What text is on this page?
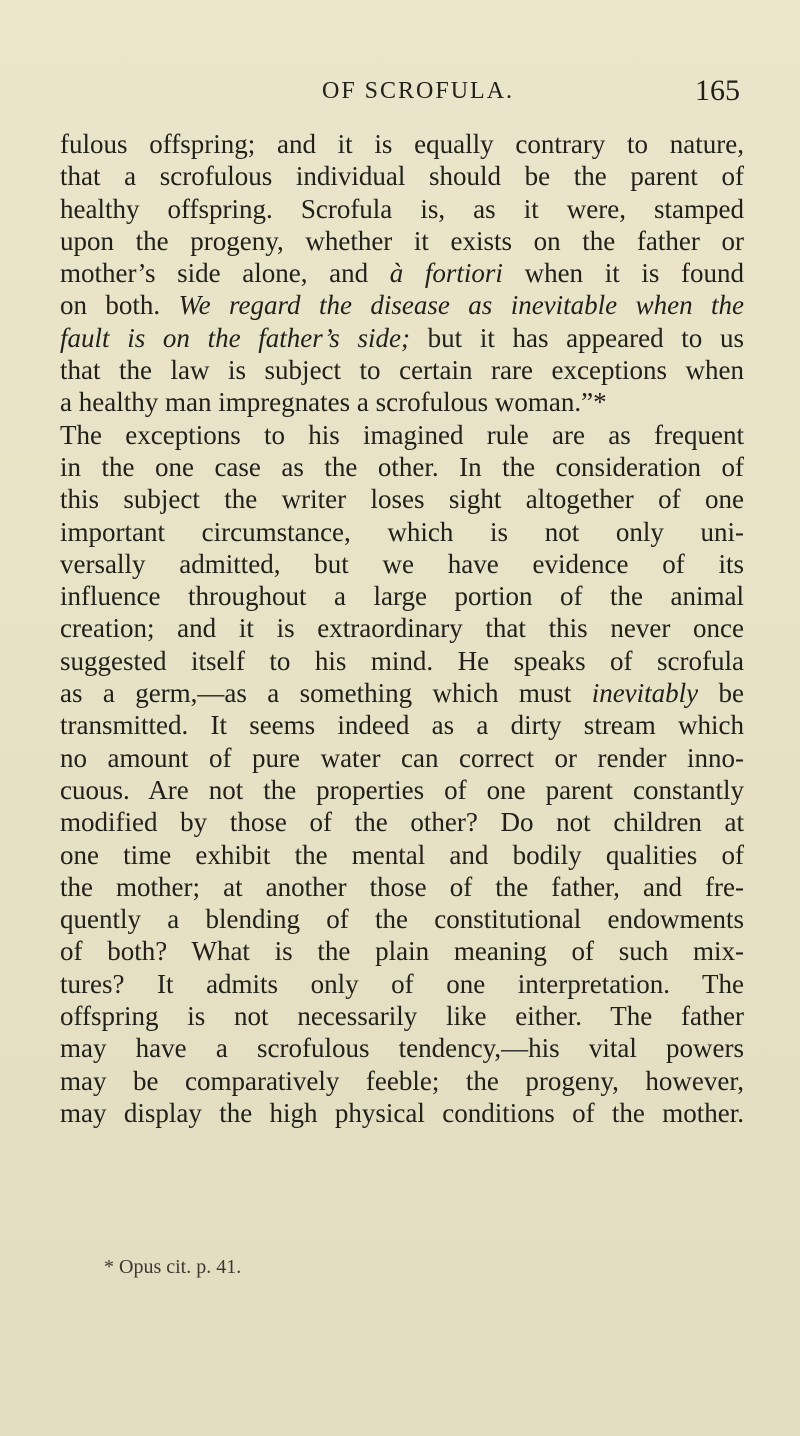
OF SCROFULA.	165
fulous offspring; and it is equally contrary to nature,
that a scrofulous individual should be the parent of
healthy offspring. Scrofula is, as it were, stamped
upon the progeny, whether it exists on the father or
mother’s side alone, and à fortiori when it is found
on both. We regard the disease as inevitable when the
fault is on the father’s side; but it has appeared to us
that the law is subject to certain rare exceptions when
a healthy man impregnates a scrofulous woman.”*
The exceptions to his imagined rule are as frequent
in the one case as the other. In the consideration of
this subject the writer loses sight altogether of one
important circumstance, which is not only uni-
versally admitted, but we have evidence of its
influence throughout a large portion of the animal
creation; and it is extraordinary that this never once
suggested itself to his mind. He speaks of scrofula
as a germ,—as a something which must inevitably be
transmitted. It seems indeed as a dirty stream which
no amount of pure water can correct or render inno-
cuous. Are not the properties of one parent constantly
modified by those of the other? Do not children at
one time exhibit the mental and bodily qualities of
the mother; at another those of the father, and fre-
quently a blending of the constitutional endowments
of both? What is the plain meaning of such mix-
tures? It admits only of one interpretation. The
offspring is not necessarily like either. The father
may have a scrofulous tendency,—his vital powers
may be comparatively feeble; the progeny, however,
may display the high physical conditions of the mother.
* Opus cit. p. 41.
